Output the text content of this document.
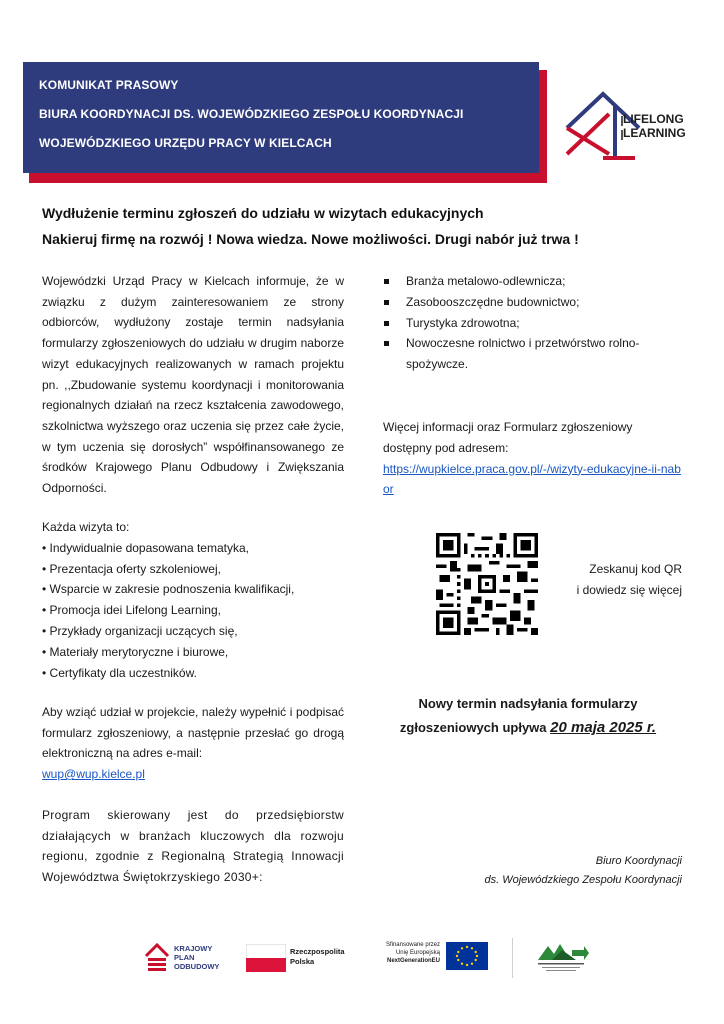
KOMUNIKAT PRASOWY
BIURA KOORDYNACJI DS. WOJEWÓDZKIEGO ZESPOŁU KOORDYNACJI
WOJEWÓDZKIEGO URZĘDU PRACY W KIELCACH
LIFELONG
LEARNING
Wydłużenie terminu zgłoszeń do udziału w wizytach edukacyjnych
Nakieruj firmę na rozwój ! Nowa wiedza. Nowe możliwości. Drugi nabór już trwa !

Wojewódzki Urząd Pracy w Kielcach informuje, że w związku z dużym zainteresowaniem ze strony odbiorców, wydłużony zostaje termin nadsyłania formularzy zgłoszeniowych do udziału w drugim naborze wizyt edukacyjnych realizowanych w ramach projektu pn. ,,Zbudowanie systemu koordynacji i monitorowania regionalnych działań na rzecz kształcenia zawodowego, szkolnictwa wyższego oraz uczenia się przez całe życie, w tym uczenia się dorosłych” współfinansowanego ze środków Krajowego Planu Odbudowy i Zwiększania Odporności.

Każda wizyta to:
• Indywidualnie dopasowana tematyka,
• Prezentacja oferty szkoleniowej,
• Wsparcie w zakresie podnoszenia kwalifikacji,
• Promocja idei Lifelong Learning,
• Przykłady organizacji uczących się,
• Materiały merytoryczne i biurowe,
• Certyfikaty dla uczestników.

Aby wziąć udział w projekcie, należy wypełnić i podpisać formularz zgłoszeniowy, a następnie przesłać go drogą elektroniczną na adres e-mail:
wup@wup.kielce.pl

Program skierowany jest do przedsiębiorstw działających w branżach kluczowych dla rozwoju regionu, zgodnie z Regionalną Strategią Innowacji Województwa Świętokrzyskiego 2030+:

Branża metalowo-odlewnicza;
Zasobooszczędne budownictwo;
Turystyka zdrowotna;
Nowoczesne rolnictwo i przetwórstwo rolno-spożywcze.
Więcej informacji oraz Formularz zgłoszeniowy dostępny pod adresem:
https://wupkielce.praca.gov.pl/-/wizyty-edukacyjne-ii-nabor
Zeskanuj kod QR
i dowiedz się więcej
Nowy termin nadsyłania formularzy
zgłoszeniowych upływa 20 maja 2025 r.
Biuro Koordynacji
ds. Wojewódzkiego Zespołu Koordynacji
KRAJOWY
PLAN
ODBUDOWY
Rzeczpospolita
Polska
Sfinansowane przez
Unię Europejską
NextGenerationEU
